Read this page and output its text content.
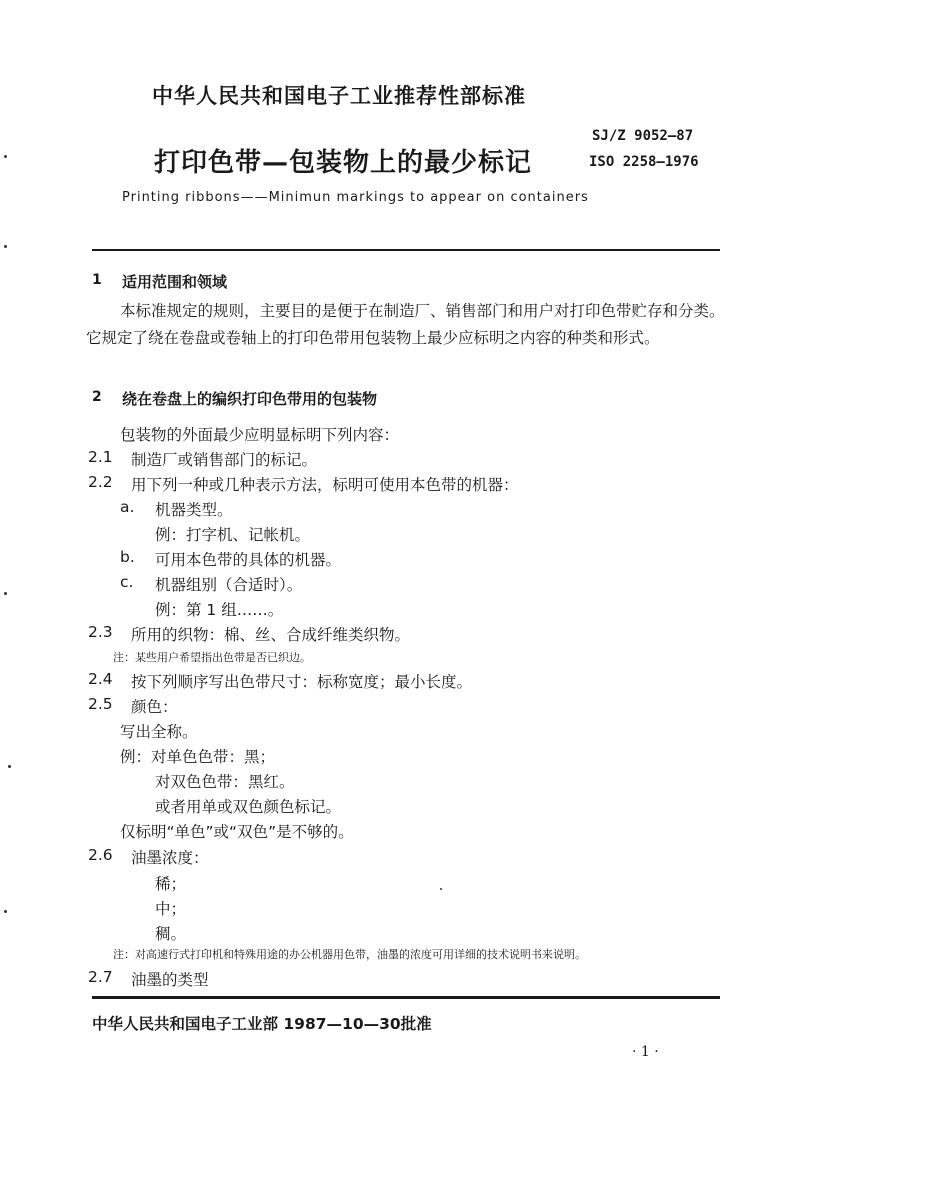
中华人民共和国电子工业推荐性部标准
SJ/Z 9052—87
打印色带—包装物上的最少标记	ISO 2258—1976
Printing ribbons——Minimun markings to appear on containers
1 适用范围和领域
本标准规定的规则，主要目的是便于在制造厂、销售部门和用户对打印色带贮存和分类。它规定了绕在卷盘或卷轴上的打印色带用包装物上最少应标明之内容的种类和形式。
2 绕在卷盘上的编织打印色带用的包装物
包装物的外面最少应明显标明下列内容：
2.1 制造厂或销售部门的标记。
2.2 用下列一种或几种表示方法，标明可使用本色带的机器：
a. 机器类型。
例：打字机、记帐机。
b. 可用本色带的具体的机器。
c. 机器组别（合适时）。
例：第 1 组……。
2.3 所用的织物：棉、丝、合成纤维类织物。
注：某些用户希望指出色带是否已织边。
2.4 按下列顺序写出色带尺寸：标称宽度；最小长度。
2.5 颜色：
写出全称。
例：对单色色带：黑；
对双色色带：黑红。
或者用单或双色颜色标记。
仅标明“单色”或“双色”是不够的。
2.6 油墨浓度：
稀；
中；
稠。
注：对高速行式打印机和特殊用途的办公机器用色带，油墨的浓度可用详细的技术说明书来说明。
2.7 油墨的类型
中华人民共和国电子工业部 1987—10—30批准
· 1 ·
